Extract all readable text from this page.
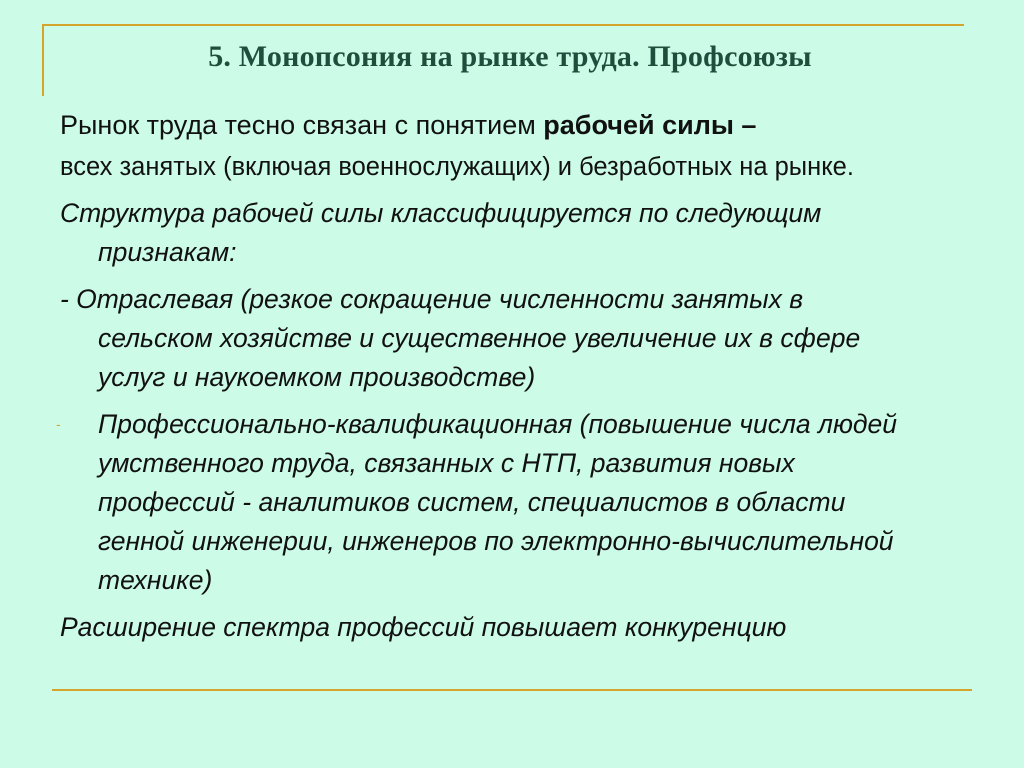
5. Монопсония на рынке труда. Профсоюзы
Рынок труда тесно связан с понятием рабочей силы –
всех занятых (включая военнослужащих) и безработных на рынке.
Структура рабочей силы классифицируется по следующим
признакам:
- Отраслевая (резкое сокращение численности занятых в
сельском хозяйстве и существенное увеличение их в сфере
услуг и наукоемком производстве)
- Профессионально-квалификационная (повышение числа людей
умственного труда, связанных с НТП, развития новых
профессий - аналитиков систем, специалистов в области
генной инженерии, инженеров по электронно-вычислительной
технике)
Расширение спектра профессий повышает конкуренцию
